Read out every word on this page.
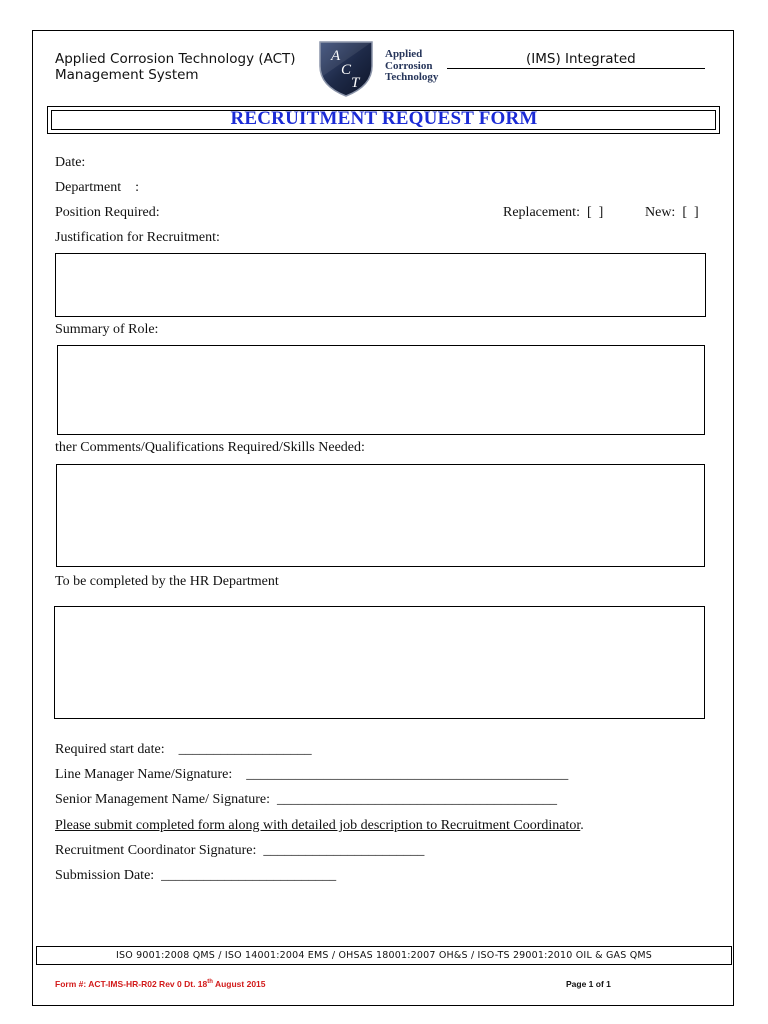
Applied Corrosion Technology (ACT)
Management System
(IMS) Integrated
A
C
T
Applied
Corrosion
Technology
RECRUITMENT REQUEST FORM
Date:
Department    :
Position Required:	Replacement:  [  ]	New:  [  ]
Justification for Recruitment:
Summary of Role:
ther Comments/Qualifications Required/Skills Needed:
To be completed by the HR Department
Required start date:    ___________________
Line Manager Name/Signature:    ______________________________________________
Senior Management Name/ Signature:  ________________________________________
Please submit completed form along with detailed job description to Recruitment Coordinator.
Recruitment Coordinator Signature:  _______________________
Submission Date:  _________________________
ISO 9001:2008 QMS / ISO 14001:2004 EMS / OHSAS 18001:2007 OH&S / ISO-TS 29001:2010 OIL & GAS QMS
Form #: ACT-IMS-HR-R02 Rev 0 Dt. 18th August 2015	Page 1 of 1
